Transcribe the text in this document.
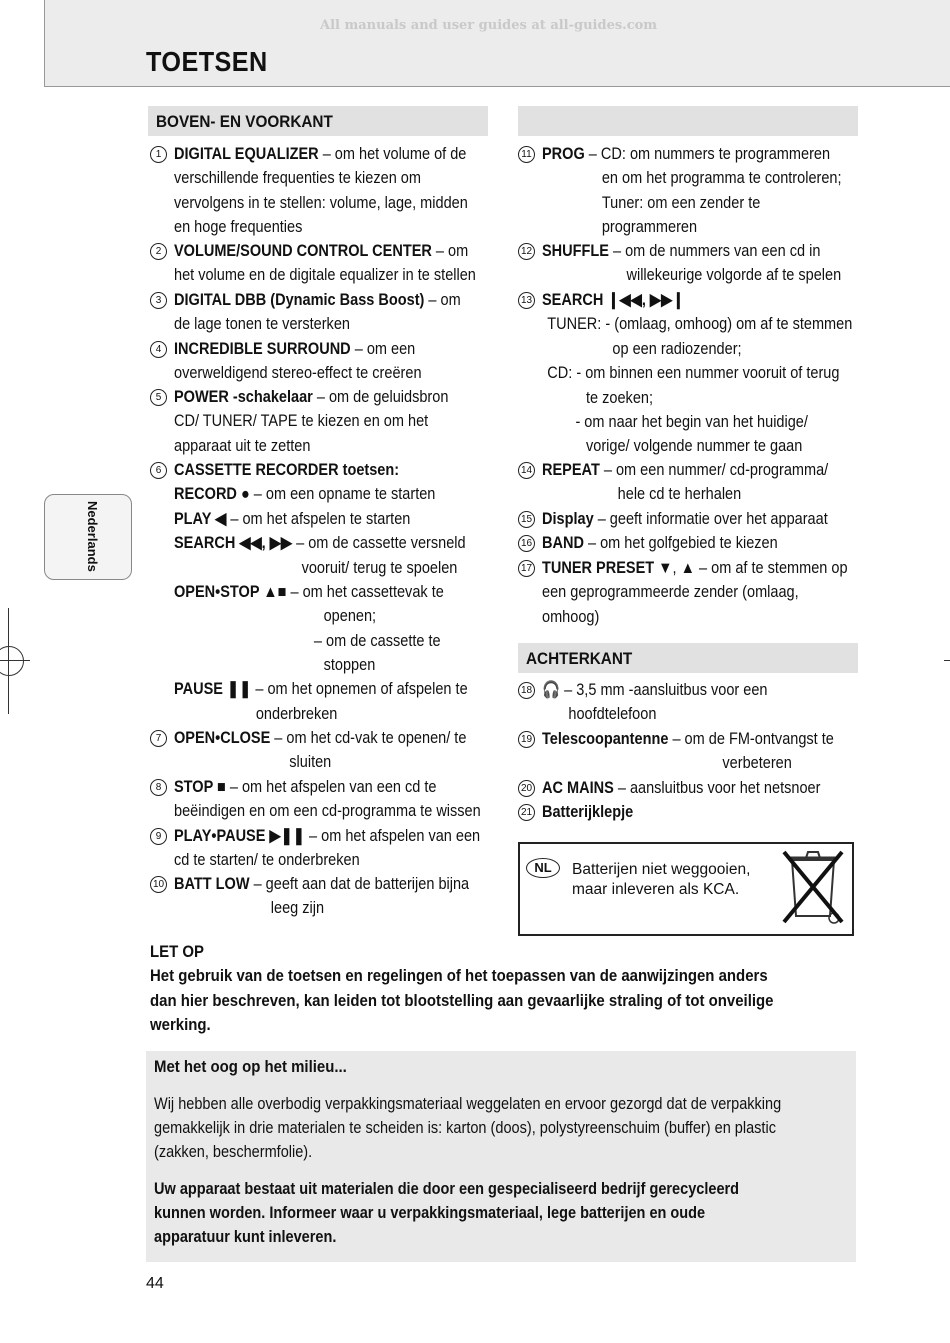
All manuals and user guides at all-guides.com
TOETSEN
Nederlands
BOVEN- EN VOORKANT
ACHTERKANT
1 DIGITAL EQUALIZER – om het volume of de
verschillende frequenties te kiezen om
vervolgens in te stellen: volume, lage, midden
en hoge frequenties
2 VOLUME/SOUND CONTROL CENTER – om
het volume en de digitale equalizer in te stellen
3 DIGITAL DBB (Dynamic Bass Boost) – om
de lage tonen te versterken
4 INCREDIBLE SURROUND – om een
overweldigend stereo-effect te creëren
5 POWER -schakelaar – om de geluidsbron
CD/ TUNER/ TAPE te kiezen en om het
apparaat uit te zetten
6 CASSETTE RECORDER toetsen:
RECORD ● – om een opname te starten
PLAY ◀ – om het afspelen te starten
SEARCH ◀◀, ▶▶ – om de cassette versneld
vooruit/ terug te spoelen
OPEN•STOP ▲■ – om het cassettevak te
openen;
– om de cassette te
stoppen
PAUSE ❚❚ – om het opnemen of afspelen te
onderbreken
7 OPEN•CLOSE – om het cd-vak te openen/ te
sluiten
8 STOP ■ – om het afspelen van een cd te
beëindigen en om een cd-programma te wissen
9 PLAY•PAUSE ▶❚❚ – om het afspelen van een
cd te starten/ te onderbreken
10 BATT LOW – geeft aan dat de batterijen bijna
leeg zijn
11 PROG – CD: om nummers te programmeren
en om het programma te controleren;
Tuner: om een zender te
programmeren
12 SHUFFLE – om de nummers van een cd in
willekeurige volgorde af te spelen
13 SEARCH ❙◀◀, ▶▶❙
TUNER: - (omlaag, omhoog) om af te stemmen
op een radiozender;
CD: - om binnen een nummer vooruit of terug
te zoeken;
- om naar het begin van het huidige/
vorige/ volgende nummer te gaan
14 REPEAT – om een nummer/ cd-programma/
hele cd te herhalen
15 Display – geeft informatie over het apparaat
16 BAND – om het golfgebied te kiezen
17 TUNER PRESET ▼, ▲ – om af te stemmen op
een geprogrammeerde zender (omlaag,
omhoog)
18 🎧 – 3,5 mm -aansluitbus voor een
hoofdtelefoon
19 Telescoopantenne – om de FM-ontvangst te
verbeteren
20 AC MAINS – aansluitbus voor het netsnoer
21 Batterijklepje
NL	Batterijen niet weggooien,
maar inleveren als KCA.
LET OP
Het gebruik van de toetsen en regelingen of het toepassen van de aanwijzingen anders
dan hier beschreven, kan leiden tot blootstelling aan gevaarlijke straling of tot onveilige
werking.
Met het oog op het milieu...
Wij hebben alle overbodig verpakkingsmateriaal weggelaten en ervoor gezorgd dat de verpakking
gemakkelijk in drie materialen te scheiden is: karton (doos), polystyreenschuim (buffer) en plastic
(zakken, beschermfolie).
Uw apparaat bestaat uit materialen die door een gespecialiseerd bedrijf gerecycleerd
kunnen worden. Informeer waar u verpakkingsmateriaal, lege batterijen en oude
apparatuur kunt inleveren.
44
